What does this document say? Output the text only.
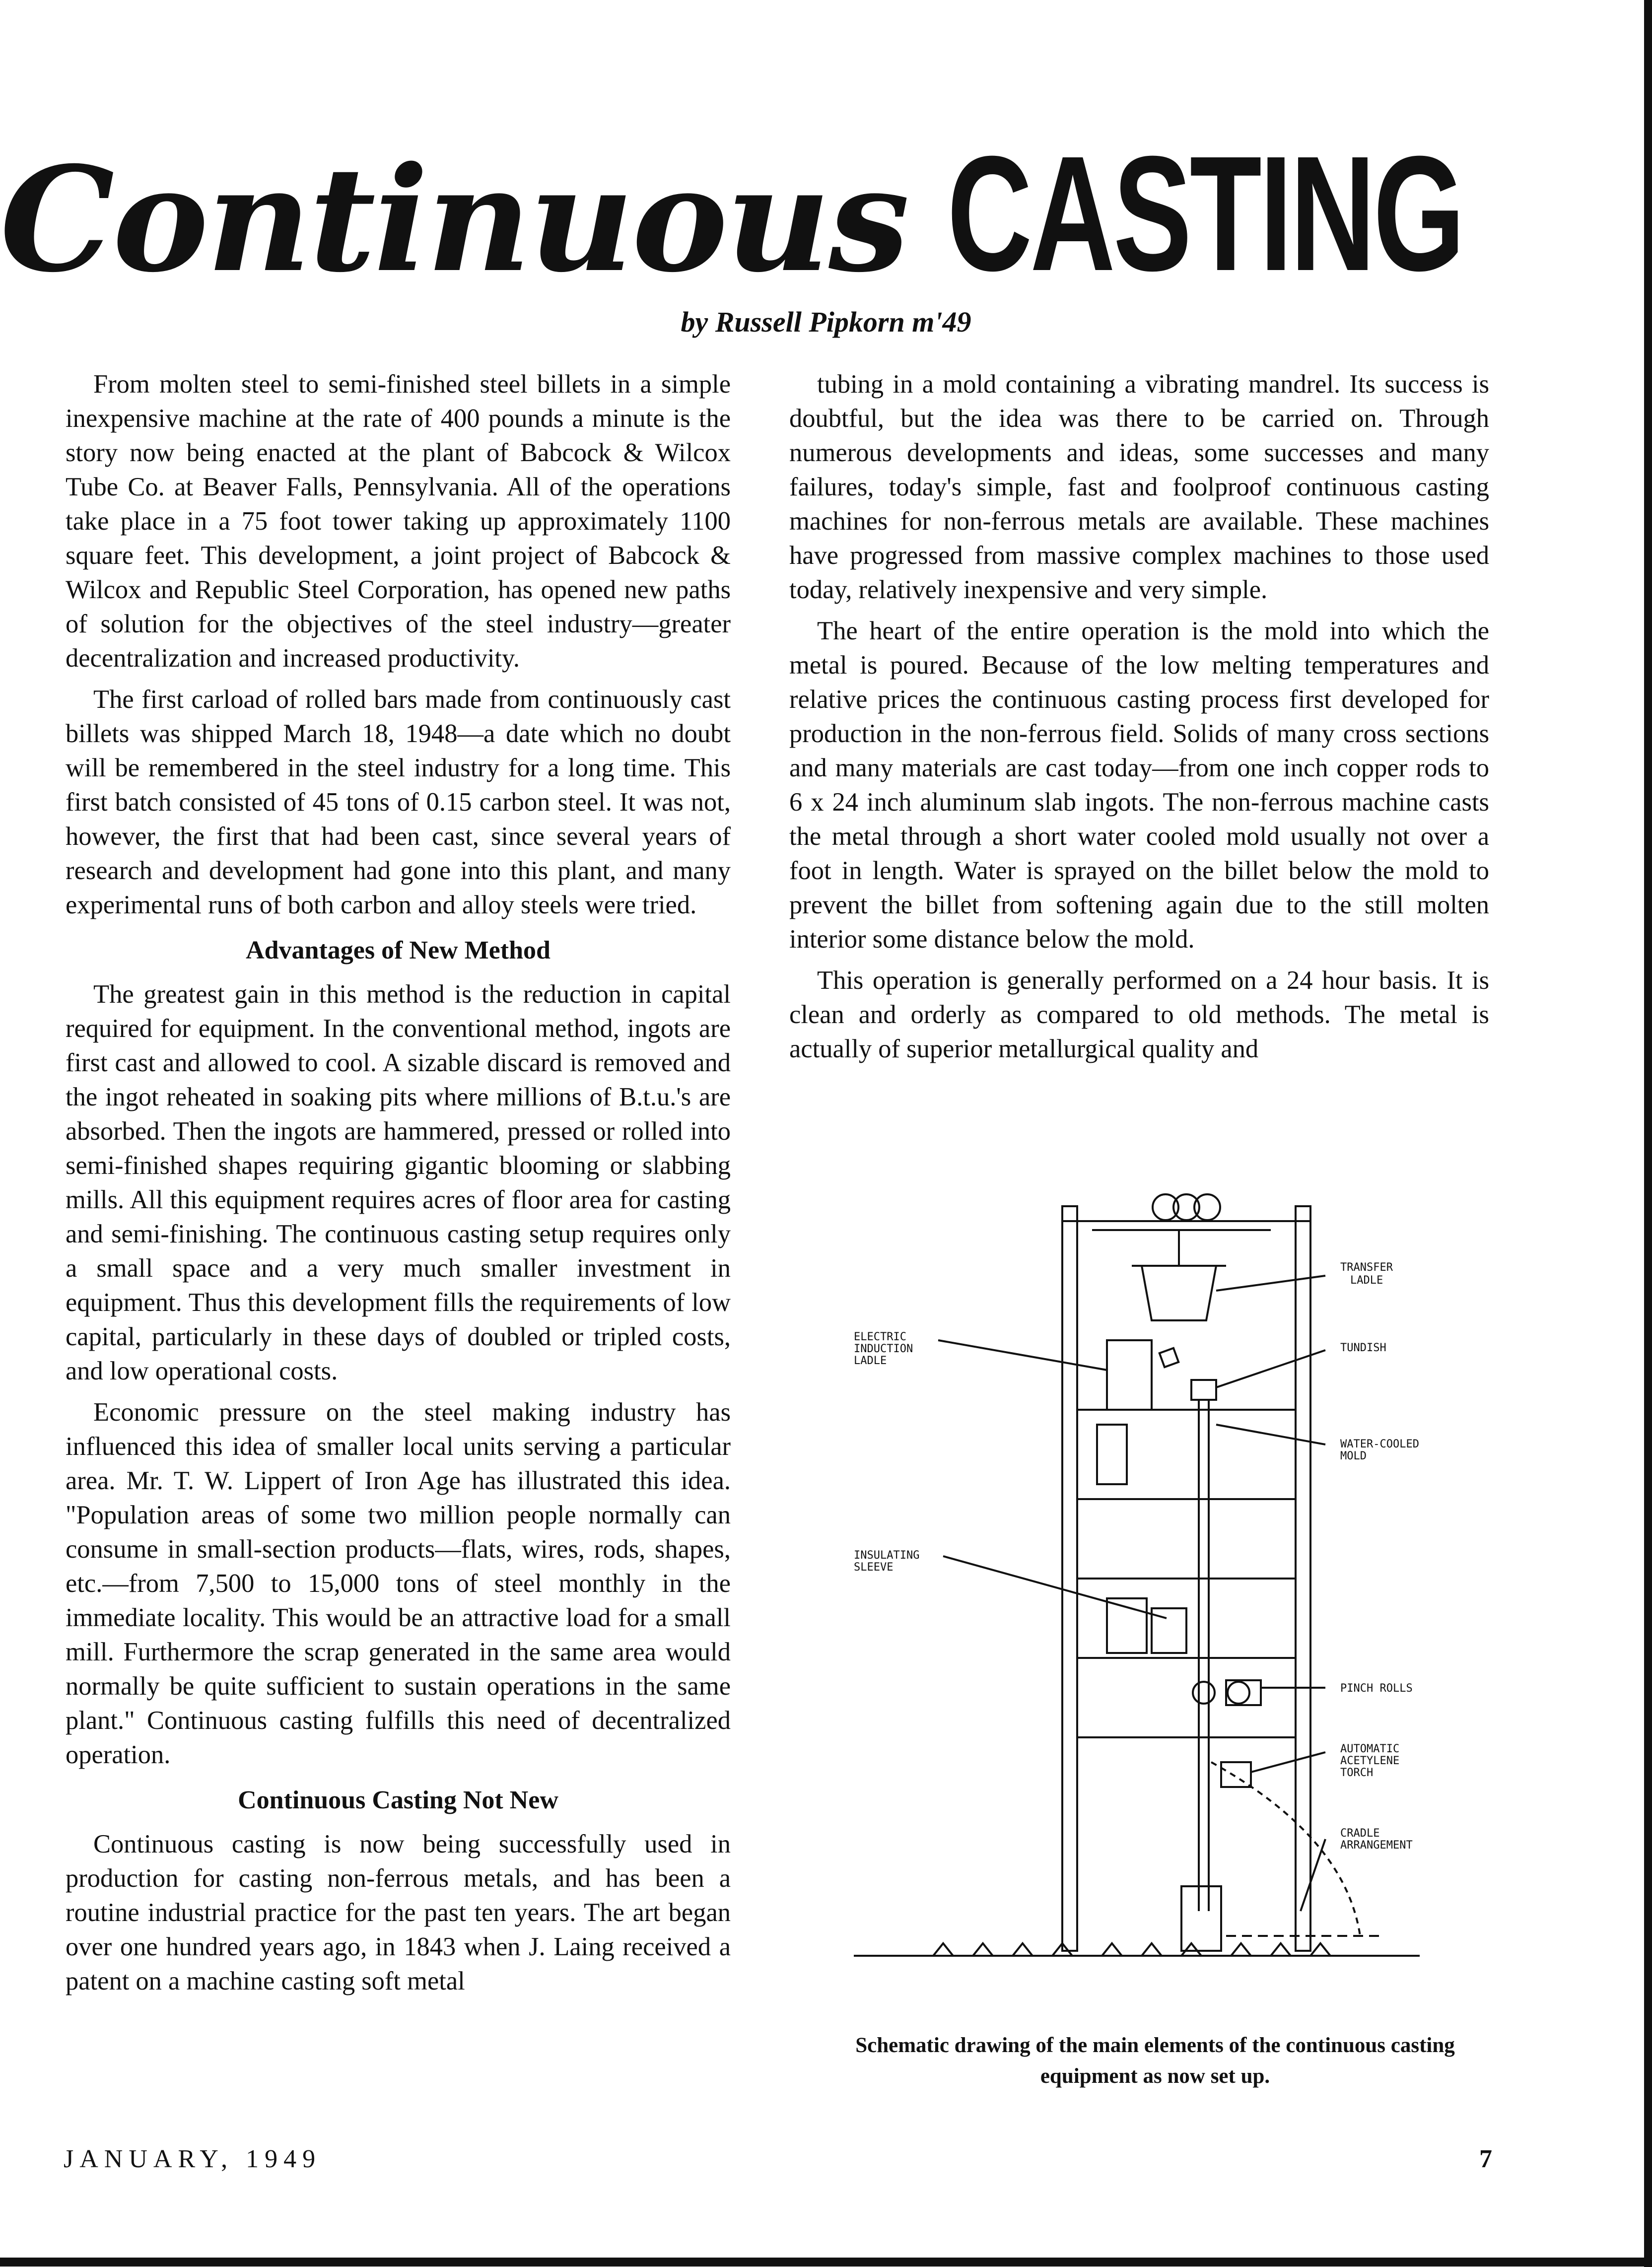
Continuous CASTING
by Russell Pipkorn m'49

From molten steel to semi-finished steel billets in a simple inexpensive machine at the rate of 400 pounds a minute is the story now being enacted at the plant of Babcock & Wilcox Tube Co. at Beaver Falls, Pennsylvania. All of the operations take place in a 75 foot tower taking up approximately 1100 square feet. This development, a joint project of Babcock & Wilcox and Republic Steel Corporation, has opened new paths of solution for the objectives of the steel industry—greater decentralization and increased productivity.

The first carload of rolled bars made from continuously cast billets was shipped March 18, 1948—a date which no doubt will be remembered in the steel industry for a long time. This first batch consisted of 45 tons of 0.15 carbon steel. It was not, however, the first that had been cast, since several years of research and development had gone into this plant, and many experimental runs of both carbon and alloy steels were tried.

Advantages of New Method

The greatest gain in this method is the reduction in capital required for equipment. In the conventional method, ingots are first cast and allowed to cool. A sizable discard is removed and the ingot reheated in soaking pits where millions of B.t.u.'s are absorbed. Then the ingots are hammered, pressed or rolled into semi-finished shapes requiring gigantic blooming or slabbing mills. All this equipment requires acres of floor area for casting and semi-finishing. The continuous casting setup requires only a small space and a very much smaller investment in equipment. Thus this development fills the requirements of low capital, particularly in these days of doubled or tripled costs, and low operational costs.

Economic pressure on the steel making industry has influenced this idea of smaller local units serving a particular area. Mr. T. W. Lippert of Iron Age has illustrated this idea. "Population areas of some two million people normally can consume in small-section products—flats, wires, rods, shapes, etc.—from 7,500 to 15,000 tons of steel monthly in the immediate locality. This would be an attractive load for a small mill. Furthermore the scrap generated in the same area would normally be quite sufficient to sustain operations in the same plant." Continuous casting fulfills this need of decentralized operation.

Continuous Casting Not New

Continuous casting is now being successfully used in production for casting non-ferrous metals, and has been a routine industrial practice for the past ten years. The art began over one hundred years ago, in 1843 when J. Laing received a patent on a machine casting soft metal

tubing in a mold containing a vibrating mandrel. Its success is doubtful, but the idea was there to be carried on. Through numerous developments and ideas, some successes and many failures, today's simple, fast and foolproof continuous casting machines for non-ferrous metals are available. These machines have progressed from massive complex machines to those used today, relatively inexpensive and very simple.

The heart of the entire operation is the mold into which the metal is poured. Because of the low melting temperatures and relative prices the continuous casting process first developed for production in the non-ferrous field. Solids of many cross sections and many materials are cast today—from one inch copper rods to 6 x 24 inch aluminum slab ingots. The non-ferrous machine casts the metal through a short water cooled mold usually not over a foot in length. Water is sprayed on the billet below the mold to prevent the billet from softening again due to the still molten interior some distance below the mold.

This operation is generally performed on a 24 hour basis. It is clean and orderly as compared to old methods. The metal is actually of superior metallurgical quality and

TRANSFER
LADLE
TUNDISH
ELECTRIC
INDUCTION
LADLE
WATER-COOLED
MOLD
INSULATING
SLEEVE
PINCH ROLLS
AUTOMATIC
ACETYLENE
TORCH
CRADLE
ARRANGEMENT
Schematic drawing of the main elements of the continuous casting equipment as now set up.
JANUARY, 1949	7
